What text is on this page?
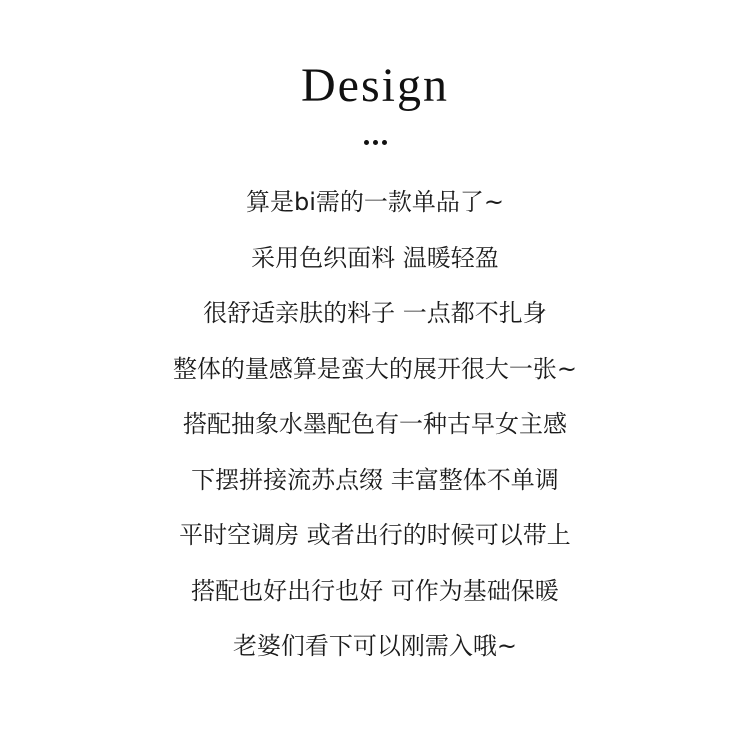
Design
算是bi需的一款单品了~
采用色织面料 温暖轻盈
很舒适亲肤的料子 一点都不扎身
整体的量感算是蛮大的展开很大一张~
搭配抽象水墨配色有一种古早女主感
下摆拼接流苏点缀 丰富整体不单调
平时空调房 或者出行的时候可以带上
搭配也好出行也好 可作为基础保暖
老婆们看下可以刚需入哦~
